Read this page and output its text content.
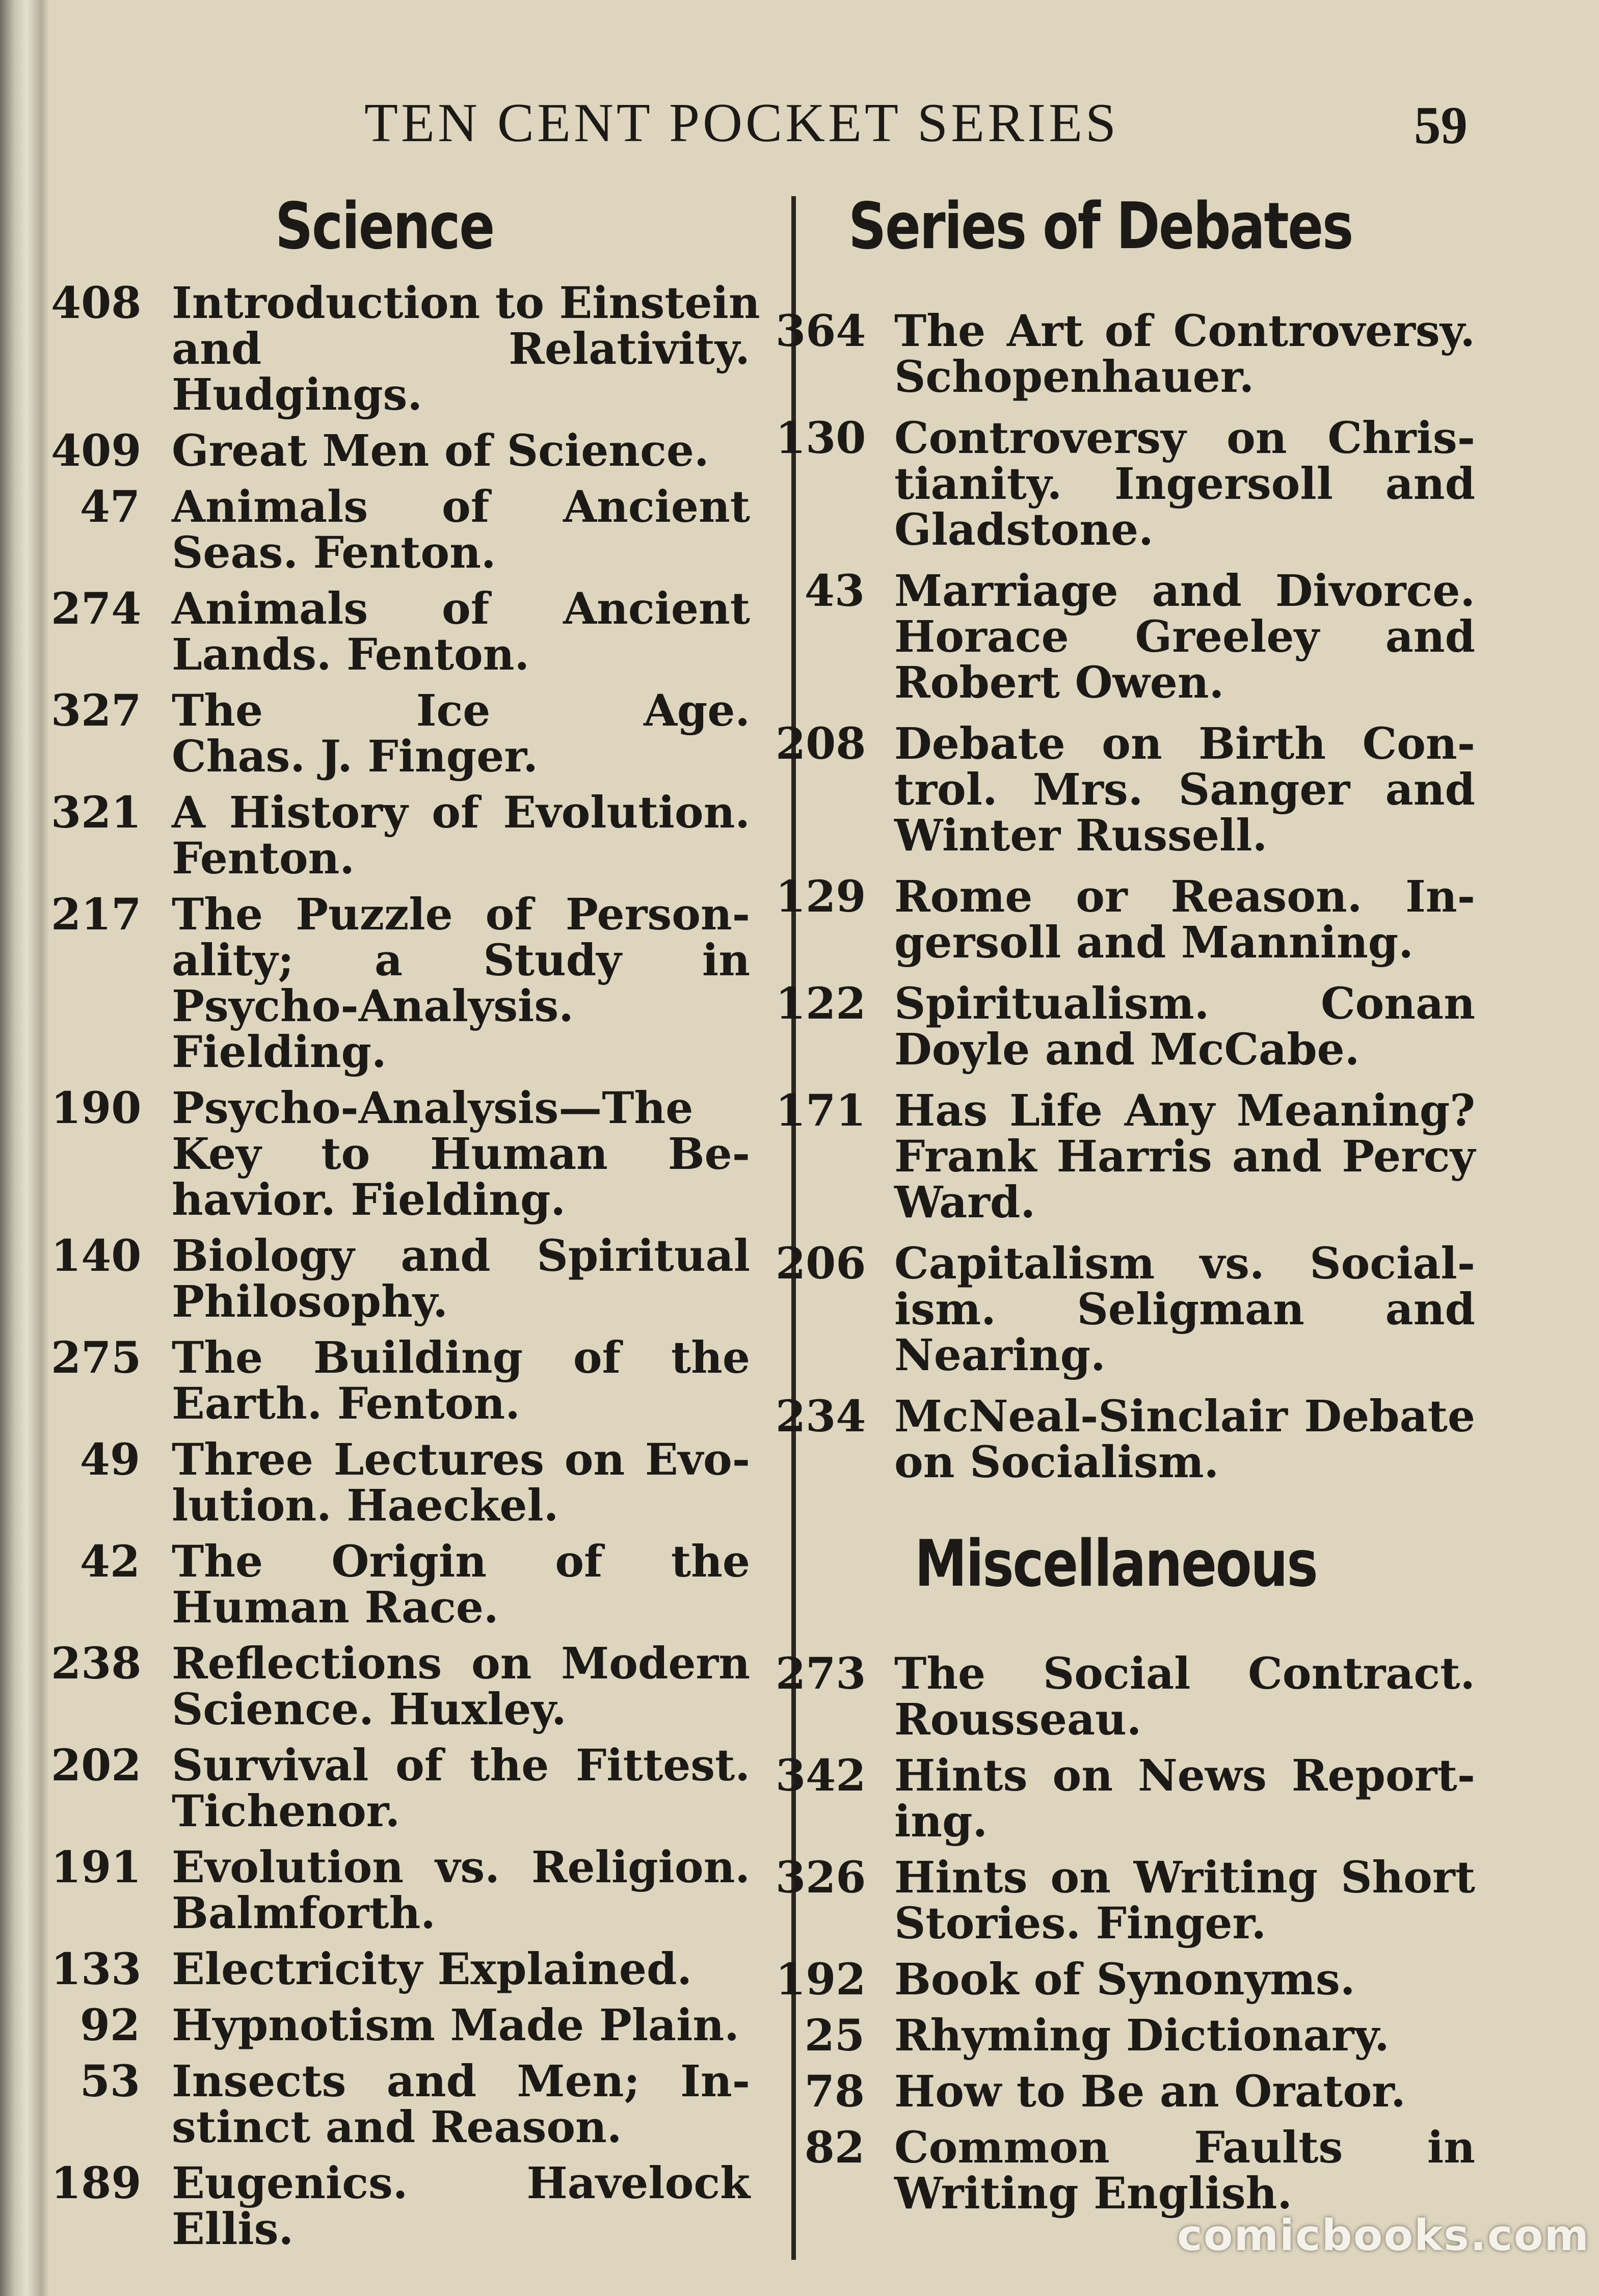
TEN CENT POCKET SERIES	59
Science
408 Introduction to Einstein
and Relativity.
Hudgings.
409 Great Men of Science.
47 Animals of Ancient
Seas. Fenton.
274 Animals of Ancient
Lands. Fenton.
327 The Ice Age.
Chas. J. Finger.
321 A History of Evolution.
Fenton.
217 The Puzzle of Person-
ality; a Study in
Psycho-Analysis.
Fielding.
190 Psycho-Analysis—The
Key to Human Be-
havior. Fielding.
140 Biology and Spiritual
Philosophy.
275 The Building of the
Earth. Fenton.
49 Three Lectures on Evo-
lution. Haeckel.
42 The Origin of the
Human Race.
238 Reflections on Modern
Science. Huxley.
202 Survival of the Fittest.
Tichenor.
191 Evolution vs. Religion.
Balmforth.
133 Electricity Explained.
92 Hypnotism Made Plain.
53 Insects and Men; In-
stinct and Reason.
189 Eugenics. Havelock
Ellis.
Series of Debates
364 The Art of Controversy.
Schopenhauer.
130 Controversy on Chris-
tianity. Ingersoll and
Gladstone.
43 Marriage and Divorce.
Horace Greeley and
Robert Owen.
208 Debate on Birth Con-
trol. Mrs. Sanger and
Winter Russell.
129 Rome or Reason. In-
gersoll and Manning.
122 Spiritualism. Conan
Doyle and McCabe.
171 Has Life Any Meaning?
Frank Harris and Percy
Ward.
206 Capitalism vs. Social-
ism. Seligman and
Nearing.
234 McNeal-Sinclair Debate
on Socialism.
Miscellaneous
273 The Social Contract.
Rousseau.
342 Hints on News Report-
ing.
326 Hints on Writing Short
Stories. Finger.
192 Book of Synonyms.
25 Rhyming Dictionary.
78 How to Be an Orator.
82 Common Faults in
Writing English.
comicbooks.com
